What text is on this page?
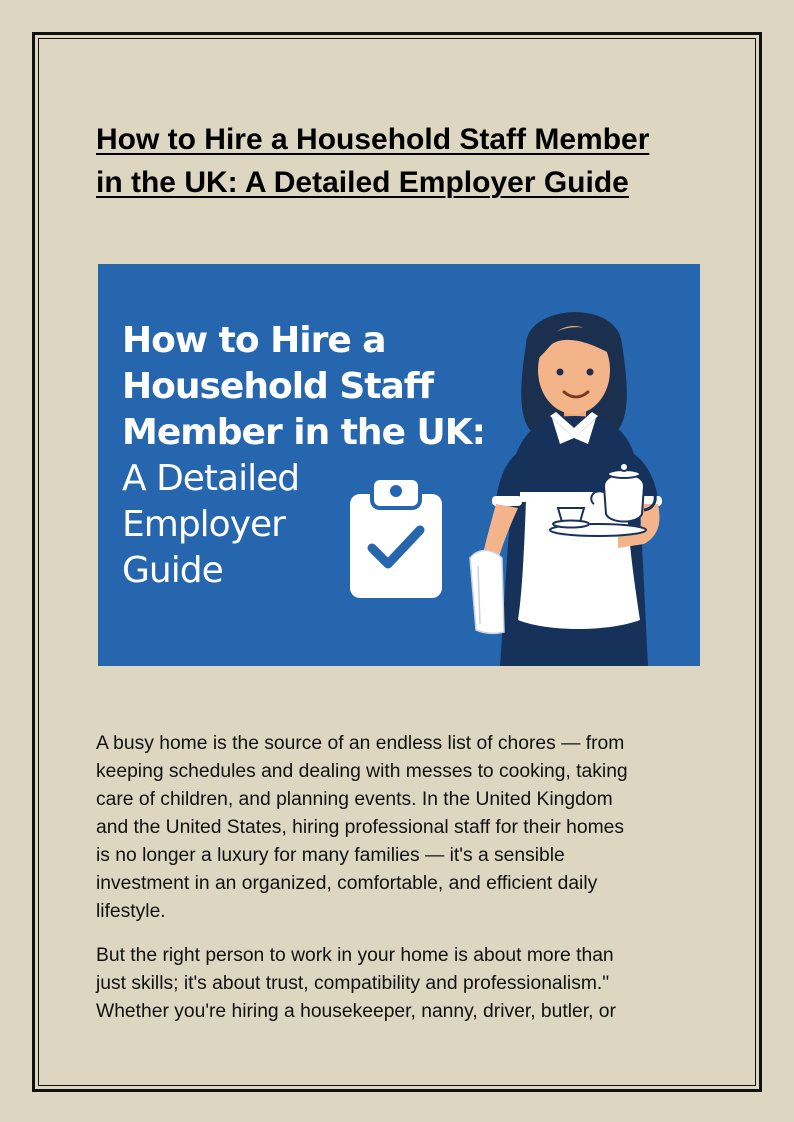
How to Hire a Household Staff Member
in the UK: A Detailed Employer Guide
How to Hire a
Household Staff
Member in the UK:
A Detailed
Employer
Guide

A busy home is the source of an endless list of chores — from
keeping schedules and dealing with messes to cooking, taking
care of children, and planning events. In the United Kingdom
and the United States, hiring professional staff for their homes
is no longer a luxury for many families — it's a sensible
investment in an organized, comfortable, and efficient daily
lifestyle.

But the right person to work in your home is about more than
just skills; it's about trust, compatibility and professionalism."
Whether you're hiring a housekeeper, nanny, driver, butler, or
